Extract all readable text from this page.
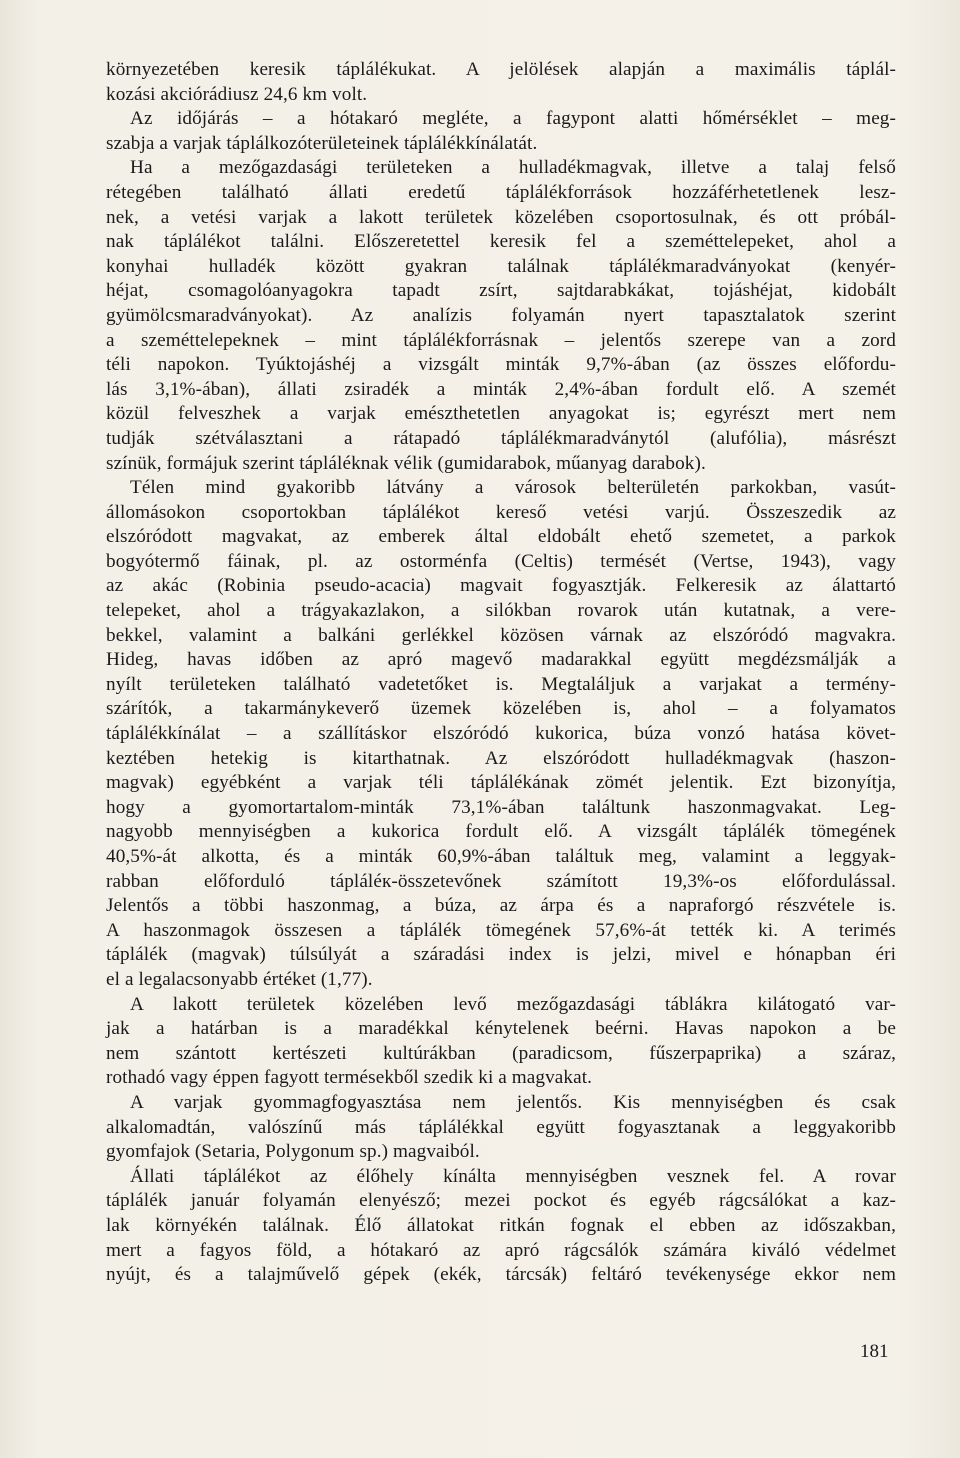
környezetében keresik táplálékukat. A jelölések alapján a maximális táplál-
kozási akciórádiusz 24,6 km volt.
Az időjárás – a hótakaró megléte, a fagypont alatti hőmérséklet – meg-
szabja a varjak táplálkozóterületeinek táplálékkínálatát.
Ha a mezőgazdasági területeken a hulladékmagvak, illetve a talaj felső
rétegében található állati eredetű táplálékforrások hozzáférhetetlenek lesz-
nek, a vetési varjak a lakott területek közelében csoportosulnak, és ott próbál-
nak táplálékot találni. Előszeretettel keresik fel a szeméttelepeket, ahol a
konyhai hulladék között gyakran találnak táplálékmaradványokat (kenyér-
héjat, csomagolóanyagokra tapadt zsírt, sajtdarabkákat, tojáshéjat, kidobált
gyümölcsmaradványokat). Az analízis folyamán nyert tapasztalatok szerint
a szeméttelepeknek – mint táplálékforrásnak – jelentős szerepe van a zord
téli napokon. Tyúktojáshéj a vizsgált minták 9,7%-ában (az összes előfordu-
lás 3,1%-ában), állati zsiradék a minták 2,4%-ában fordult elő. A szemét
közül felveszhek a varjak emészthetetlen anyagokat is; egyrészt mert nem
tudják szétválasztani a rátapadó táplálékmaradványtól (alufólia), másrészt
színük, formájuk szerint tápláléknak vélik (gumidarabok, műanyag darabok).
Télen mind gyakoribb látvány a városok belterületén parkokban, vasút-
állomásokon csoportokban táplálékot kereső vetési varjú. Összeszedik az
elszóródott magvakat, az emberek által eldobált ehető szemetet, a parkok
bogyótermő fáinak, pl. az ostorménfa (Celtis) termését (Vertse, 1943), vagy
az akác (Robinia pseudo-acacia) magvait fogyasztják. Felkeresik az álattartó
telepeket, ahol a trágyakazlakon, a silókban rovarok után kutatnak, a vere-
bekkel, valamint a balkáni gerlékkel közösen várnak az elszóródó magvakra.
Hideg, havas időben az apró magevő madarakkal együtt megdézsmálják a
nyílt területeken található vadetetőket is. Megtaláljuk a varjakat a termény-
szárítók, a takarmánykeverő üzemek közelében is, ahol – a folyamatos
táplálékkínálat – a szállításkor elszóródó kukorica, búza vonzó hatása követ-
keztében hetekig is kitarthatnak. Az elszóródott hulladékmagvak (haszon-
magvak) egyébként a varjak téli táplálékának zömét jelentik. Ezt bizonyítja,
hogy a gyomortartalom-minták 73,1%-ában találtunk haszonmagvakat. Leg-
nagyobb mennyiségben a kukorica fordult elő. A vizsgált táplálék tömegének
40,5%-át alkotta, és a minták 60,9%-ában találtuk meg, valamint a leggyak-
rabban előforduló tápláléк-összetevőnek számított 19,3%-os előfordulással.
Jelentős a többi haszonmag, a búza, az árpa és a napraforgó részvétele is.
A haszonmagok összesen a táplálék tömegének 57,6%-át tették ki. A terimés
táplálék (magvak) túlsúlyát a száradási index is jelzi, mivel e hónapban éri
el a legalacsonyabb értéket (1,77).
A lakott területek közelében levő mezőgazdasági táblákra kilátogató var-
jak a határban is a maradékkal kénytelenek beérni. Havas napokon a be
nem szántott kertészeti kultúrákban (paradicsom, fűszerpaprika) a száraz,
rothadó vagy éppen fagyott termésekből szedik ki a magvakat.
A varjak gyommagfogyasztása nem jelentős. Kis mennyiségben és csak
alkalomadtán, valószínű más táplálékkal együtt fogyasztanak a leggyakoribb
gyomfajok (Setaria, Polygonum sp.) magvaiból.
Állati táplálékot az élőhely kínálta mennyiségben vesznek fel. A rovar
táplálék január folyamán elenyésző; mezei pockot és egyéb rágcsálókat a kaz-
lak környékén találnak. Élő állatokat ritkán fognak el ebben az időszakban,
mert a fagyos föld, a hótakaró az apró rágcsálók számára kiváló védelmet
nyújt, és a talajművelő gépek (ekék, tárcsák) feltáró tevékenysége ekkor nem
181
